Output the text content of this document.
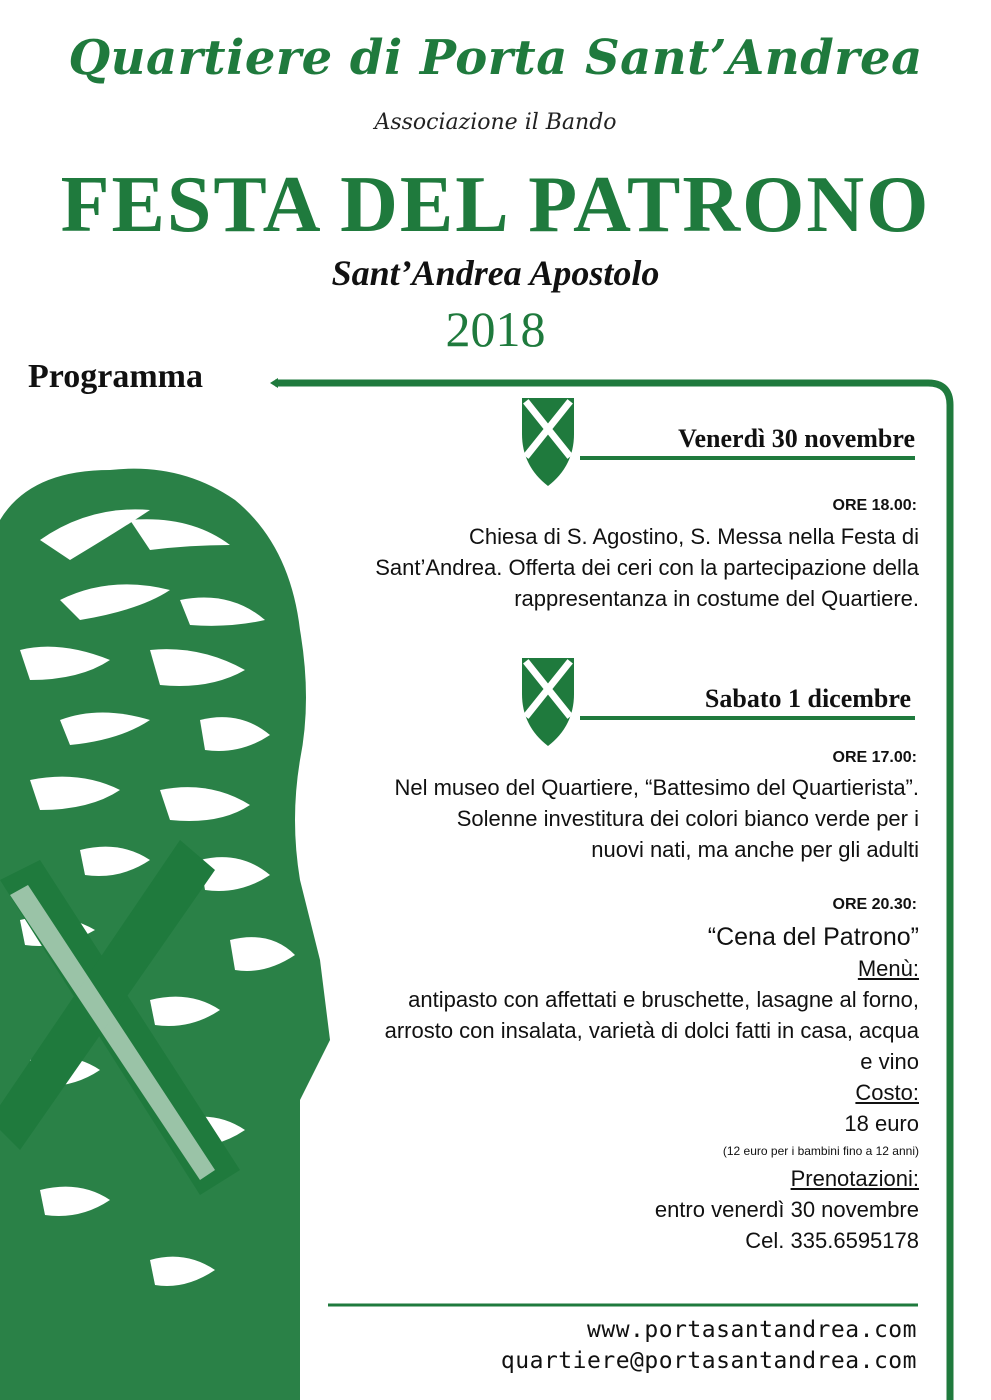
Quartiere di Porta Sant’Andrea
Associazione il Bando
FESTA DEL PATRONO
Sant’Andrea Apostolo
2018
Programma
Venerdì 30 novembre
ORE 18.00:
Chiesa di S. Agostino, S. Messa nella Festa di
Sant’Andrea. Offerta dei ceri con la partecipazione della
rappresentanza in costume del Quartiere.
Sabato 1 dicembre
ORE 17.00:
Nel museo del Quartiere, “Battesimo del Quartierista”.
Solenne investitura dei colori bianco verde per i
nuovi nati, ma anche per gli adulti
ORE 20.30:
“Cena del Patrono”
Menù:
antipasto con affettati e bruschette, lasagne al forno,
arrosto con insalata, varietà di dolci fatti in casa, acqua
e vino
Costo:
18 euro
(12 euro per i bambini fino a 12 anni)
Prenotazioni:
entro venerdì 30 novembre
Cel. 335.6595178
www.portasantandrea.com
quartiere@portasantandrea.com
